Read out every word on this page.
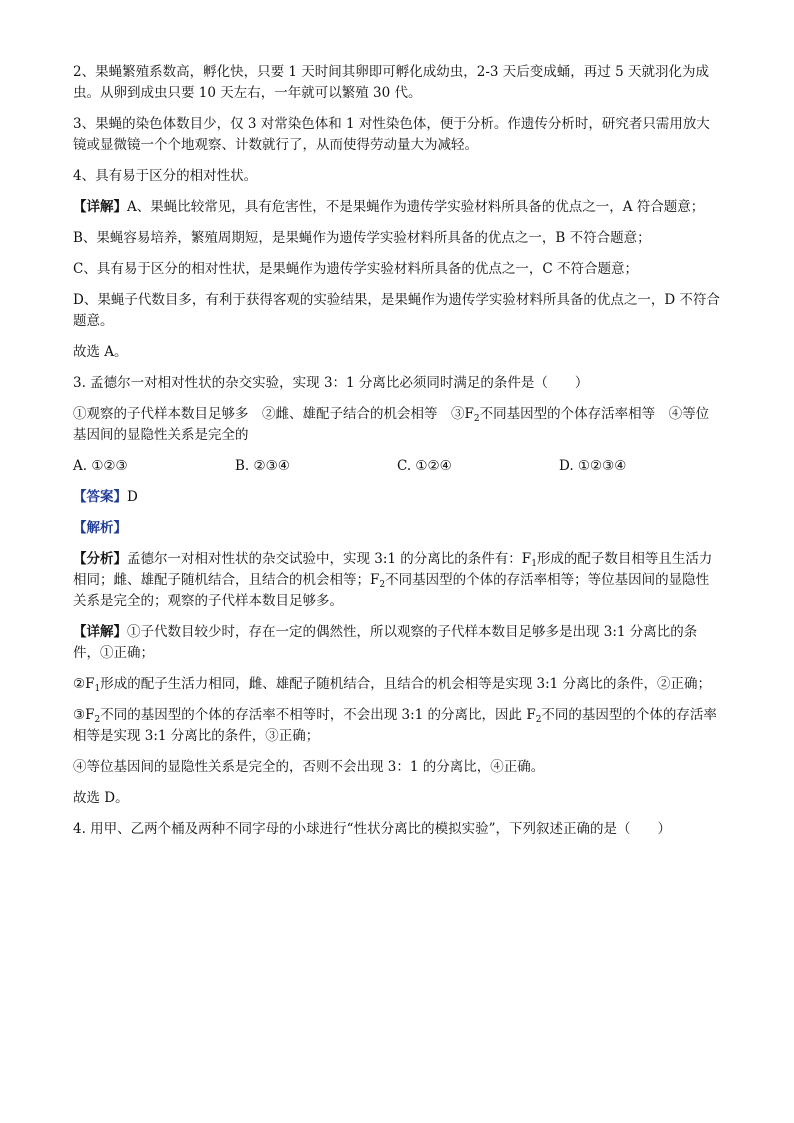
2、果蝇繁殖系数高，孵化快，只要 1 天时间其卵即可孵化成幼虫，2-3 天后变成蛹，再过 5 天就羽化为成虫。从卵到成虫只要 10 天左右，一年就可以繁殖 30 代。

3、果蝇的染色体数目少，仅 3 对常染色体和 1 对性染色体，便于分析。作遗传分析时，研究者只需用放大镜或显微镜一个个地观察、计数就行了，从而使得劳动量大为减轻。

4、具有易于区分的相对性状。

【详解】A、果蝇比较常见，具有危害性，不是果蝇作为遗传学实验材料所具备的优点之一，A 符合题意；

B、果蝇容易培养，繁殖周期短，是果蝇作为遗传学实验材料所具备的优点之一，B 不符合题意；

C、具有易于区分的相对性状，是果蝇作为遗传学实验材料所具备的优点之一，C 不符合题意；

D、果蝇子代数目多，有利于获得客观的实验结果，是果蝇作为遗传学实验材料所具备的优点之一，D 不符合题意。

故选 A。

3. 孟德尔一对相对性状的杂交实验，实现 3：1 分离比必须同时满足的条件是（　　）

①观察的子代样本数目足够多　②雌、雄配子结合的机会相等　$③F_2$不同基因型的个体存活率相等　④等位基因间的显隐性关系是完全的

A. ①②③	B. ②③④	C. ①②④	D. ①②③④

【答案】D

【解析】

【分析】孟德尔一对相对性状的杂交试验中，实现 3:1 的分离比的条件有：$F_1$形成的配子数目相等且生活力相同；雌、雄配子随机结合，且结合的机会相等；$F_2$不同基因型的个体的存活率相等；等位基因间的显隐性关系是完全的；观察的子代样本数目足够多。

【详解】①子代数目较少时，存在一定的偶然性，所以观察的子代样本数目足够多是出现 3:1 分离比的条件，①正确；

$②F_1$形成的配子生活力相同，雌、雄配子随机结合，且结合的机会相等是实现 3:1 分离比的条件，②正确；

$③F_2$不同的基因型的个体的存活率不相等时，不会出现 3:1 的分离比，因此 $F_2$不同的基因型的个体的存活率相等是实现 3:1 分离比的条件，③正确；

④等位基因间的显隐性关系是完全的，否则不会出现 3：1 的分离比，④正确。

故选 D。

4. 用甲、乙两个桶及两种不同字母的小球进行“性状分离比的模拟实验”，下列叙述正确的是（　　）
